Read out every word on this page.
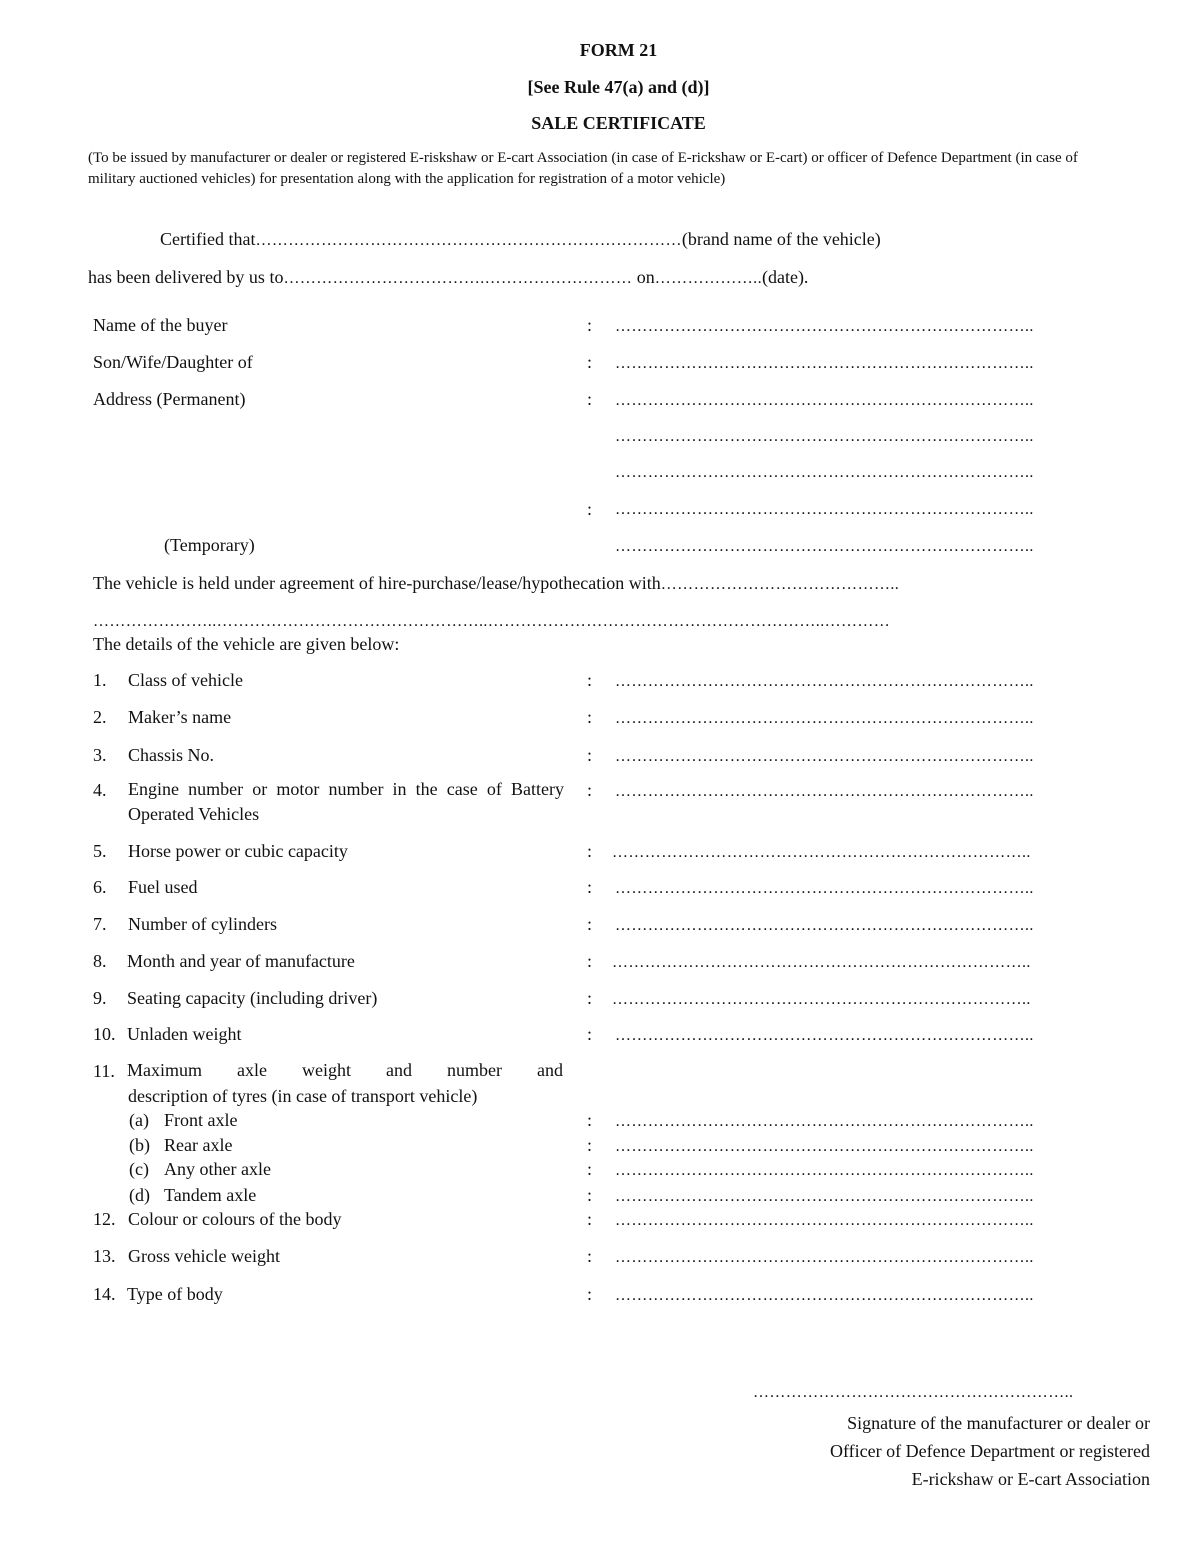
FORM 21
[See Rule 47(a) and (d)]
SALE CERTIFICATE
(To be issued by manufacturer or dealer or registered E-riskshaw or E-cart Association (in case of E-rickshaw or E-cart) or officer of Defence Department (in case of military auctioned vehicles) for presentation along with the application for registration of a motor vehicle)
Certified that……………………………………………………………………(brand name of the vehicle)
has been delivered by us to……………………………….……………………… on………………..(date).
Name of the buyer	: …………………………………………………………………..
Son/Wife/Daughter of	: …………………………………………………………………..
Address (Permanent)	: …………………………………………………………………..
…………………………………………………………………..
…………………………………………………………………..
: …………………………………………………………………..
(Temporary)	…………………………………………………………………..
The vehicle is held under agreement of hire-purchase/lease/hypothecation with……………………………………..
…………………..…………………………………………..……………………………………………………..…………
The details of the vehicle are given below:
1. Class of vehicle	: …………………………………………………………………..
2. Maker’s name	: …………………………………………………………………..
3. Chassis No.	: …………………………………………………………………..
4. Engine number or motor number in the case of Battery Operated Vehicles
: …………………………………………………………………..
5. Horse power or cubic capacity	: …………………………………………………………………..
6. Fuel used	: …………………………………………………………………..
7. Number of cylinders	: …………………………………………………………………..
8. Month and year of manufacture	: …………………………………………………………………..
9. Seating capacity (including driver)	: …………………………………………………………………..
10. Unladen weight	: …………………………………………………………………..
11. Maximum axle weight and number and
description of tyres (in case of transport vehicle)
(a) Front axle	: …………………………………………………………………..
(b) Rear axle	: …………………………………………………………………..
(c) Any other axle	: …………………………………………………………………..
(d) Tandem axle	: …………………………………………………………………..
12. Colour or colours of the body	: …………………………………………………………………..
13. Gross vehicle weight	: …………………………………………………………………..
14. Type of body	: …………………………………………………………………..
…………………………………………………..
Signature of the manufacturer or dealer or
Officer of Defence Department or registered
E-rickshaw or E-cart Association
